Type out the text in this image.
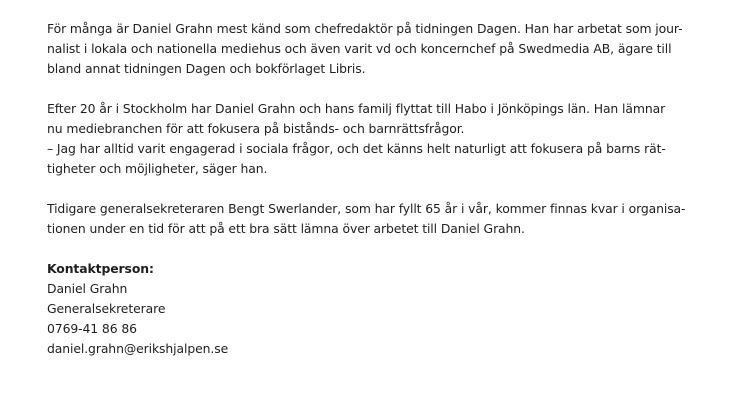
För många är Daniel Grahn mest känd som chefredaktör på tidningen Dagen. Han har arbetat som jour-
nalist i lokala och nationella mediehus och även varit vd och koncernchef på Swedmedia AB, ägare till
bland annat tidningen Dagen och bokförlaget Libris.
Efter 20 år i Stockholm har Daniel Grahn och hans familj flyttat till Habo i Jönköpings län. Han lämnar
nu mediebranchen för att fokusera på bistånds- och barnrättsfrågor.
– Jag har alltid varit engagerad i sociala frågor, och det känns helt naturligt att fokusera på barns rät-
tigheter och möjligheter, säger han.
Tidigare generalsekreteraren Bengt Swerlander, som har fyllt 65 år i vår, kommer finnas kvar i organisa-
tionen under en tid för att på ett bra sätt lämna över arbetet till Daniel Grahn.
Kontaktperson:
Daniel Grahn
Generalsekreterare
0769-41 86 86
daniel.grahn@erikshjalpen.se
